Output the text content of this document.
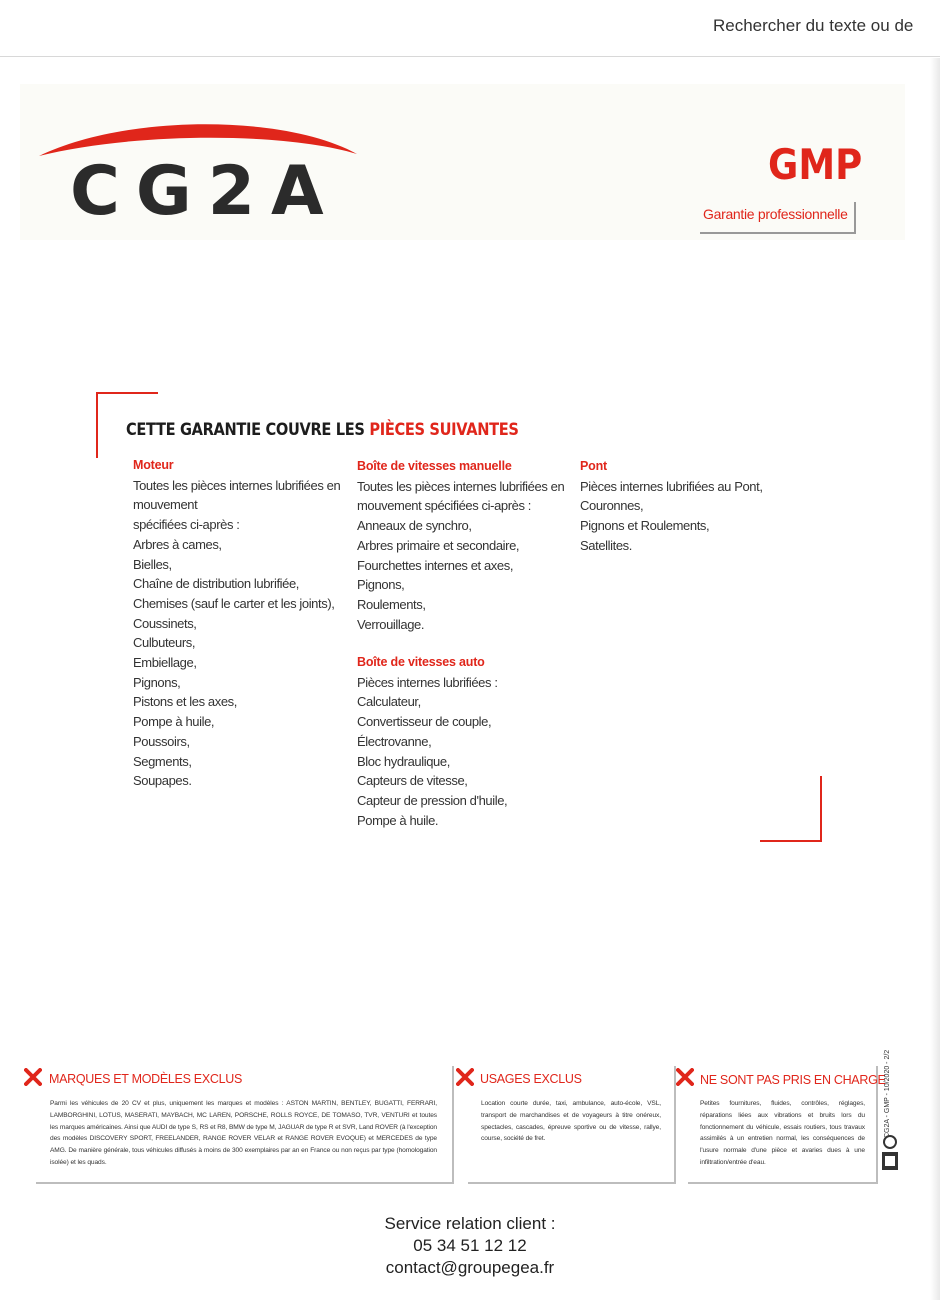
Rechercher du texte ou de
CG2A	GMP
Garantie professionnelle
CETTE GARANTIE COUVRE LES PIÈCES SUIVANTES
Moteur
Toutes les pièces internes lubrifiées en
mouvement
spécifiées ci-après :
Arbres à cames,
Bielles,
Chaîne de distribution lubrifiée,
Chemises (sauf le carter et les joints),
Coussinets,
Culbuteurs,
Embiellage,
Pignons,
Pistons et les axes,
Pompe à huile,
Poussoirs,
Segments,
Soupapes.
Boîte de vitesses manuelle
Toutes les pièces internes lubrifiées en
mouvement spécifiées ci-après :
Anneaux de synchro,
Arbres primaire et secondaire,
Fourchettes internes et axes,
Pignons,
Roulements,
Verrouillage.
Boîte de vitesses auto
Pièces internes lubrifiées :
Calculateur,
Convertisseur de couple,
Électrovanne,
Bloc hydraulique,
Capteurs de vitesse,
Capteur de pression d'huile,
Pompe à huile.
Pont
Pièces internes lubrifiées au Pont,
Couronnes,
Pignons et Roulements,
Satellites.
MARQUES ET MODÈLES EXCLUS
Parmi les véhicules de 20 CV et plus, uniquement les marques et modèles : ASTON MARTIN, BENTLEY, BUGATTI, FERRARI, LAMBORGHINI, LOTUS, MASERATI, MAYBACH, MC LAREN, PORSCHE, ROLLS ROYCE, DE TOMASO, TVR, VENTURI et toutes les marques américaines. Ainsi que AUDI de type S, RS et R8, BMW de type M, JAGUAR de type R et SVR, Land ROVER (à l'exception des modèles DISCOVERY SPORT, FREELANDER, RANGE ROVER VELAR et RANGE ROVER EVOQUE) et MERCEDES de type AMG. De manière générale, tous véhicules diffusés à moins de 300 exemplaires par an en France ou non reçus par type (homologation isolée) et les quads.
USAGES EXCLUS
Location courte durée, taxi, ambulance, auto-école, VSL, transport de marchandises et de voyageurs à titre onéreux, spectacles, cascades, épreuve sportive ou de vitesse, rallye, course, société de fret.
NE SONT PAS PRIS EN CHARGE
Petites fournitures, fluides, contrôles, réglages, réparations liées aux vibrations et bruits lors du fonctionnement du véhicule, essais routiers, tous travaux assimilés à un entretien normal, les conséquences de l'usure normale d'une pièce et avaries dues à une infiltration/entrée d'eau.
CG2A - GMP - 10/2020 - 2/2
Service relation client :
05 34 51 12 12
contact@groupegea.fr
